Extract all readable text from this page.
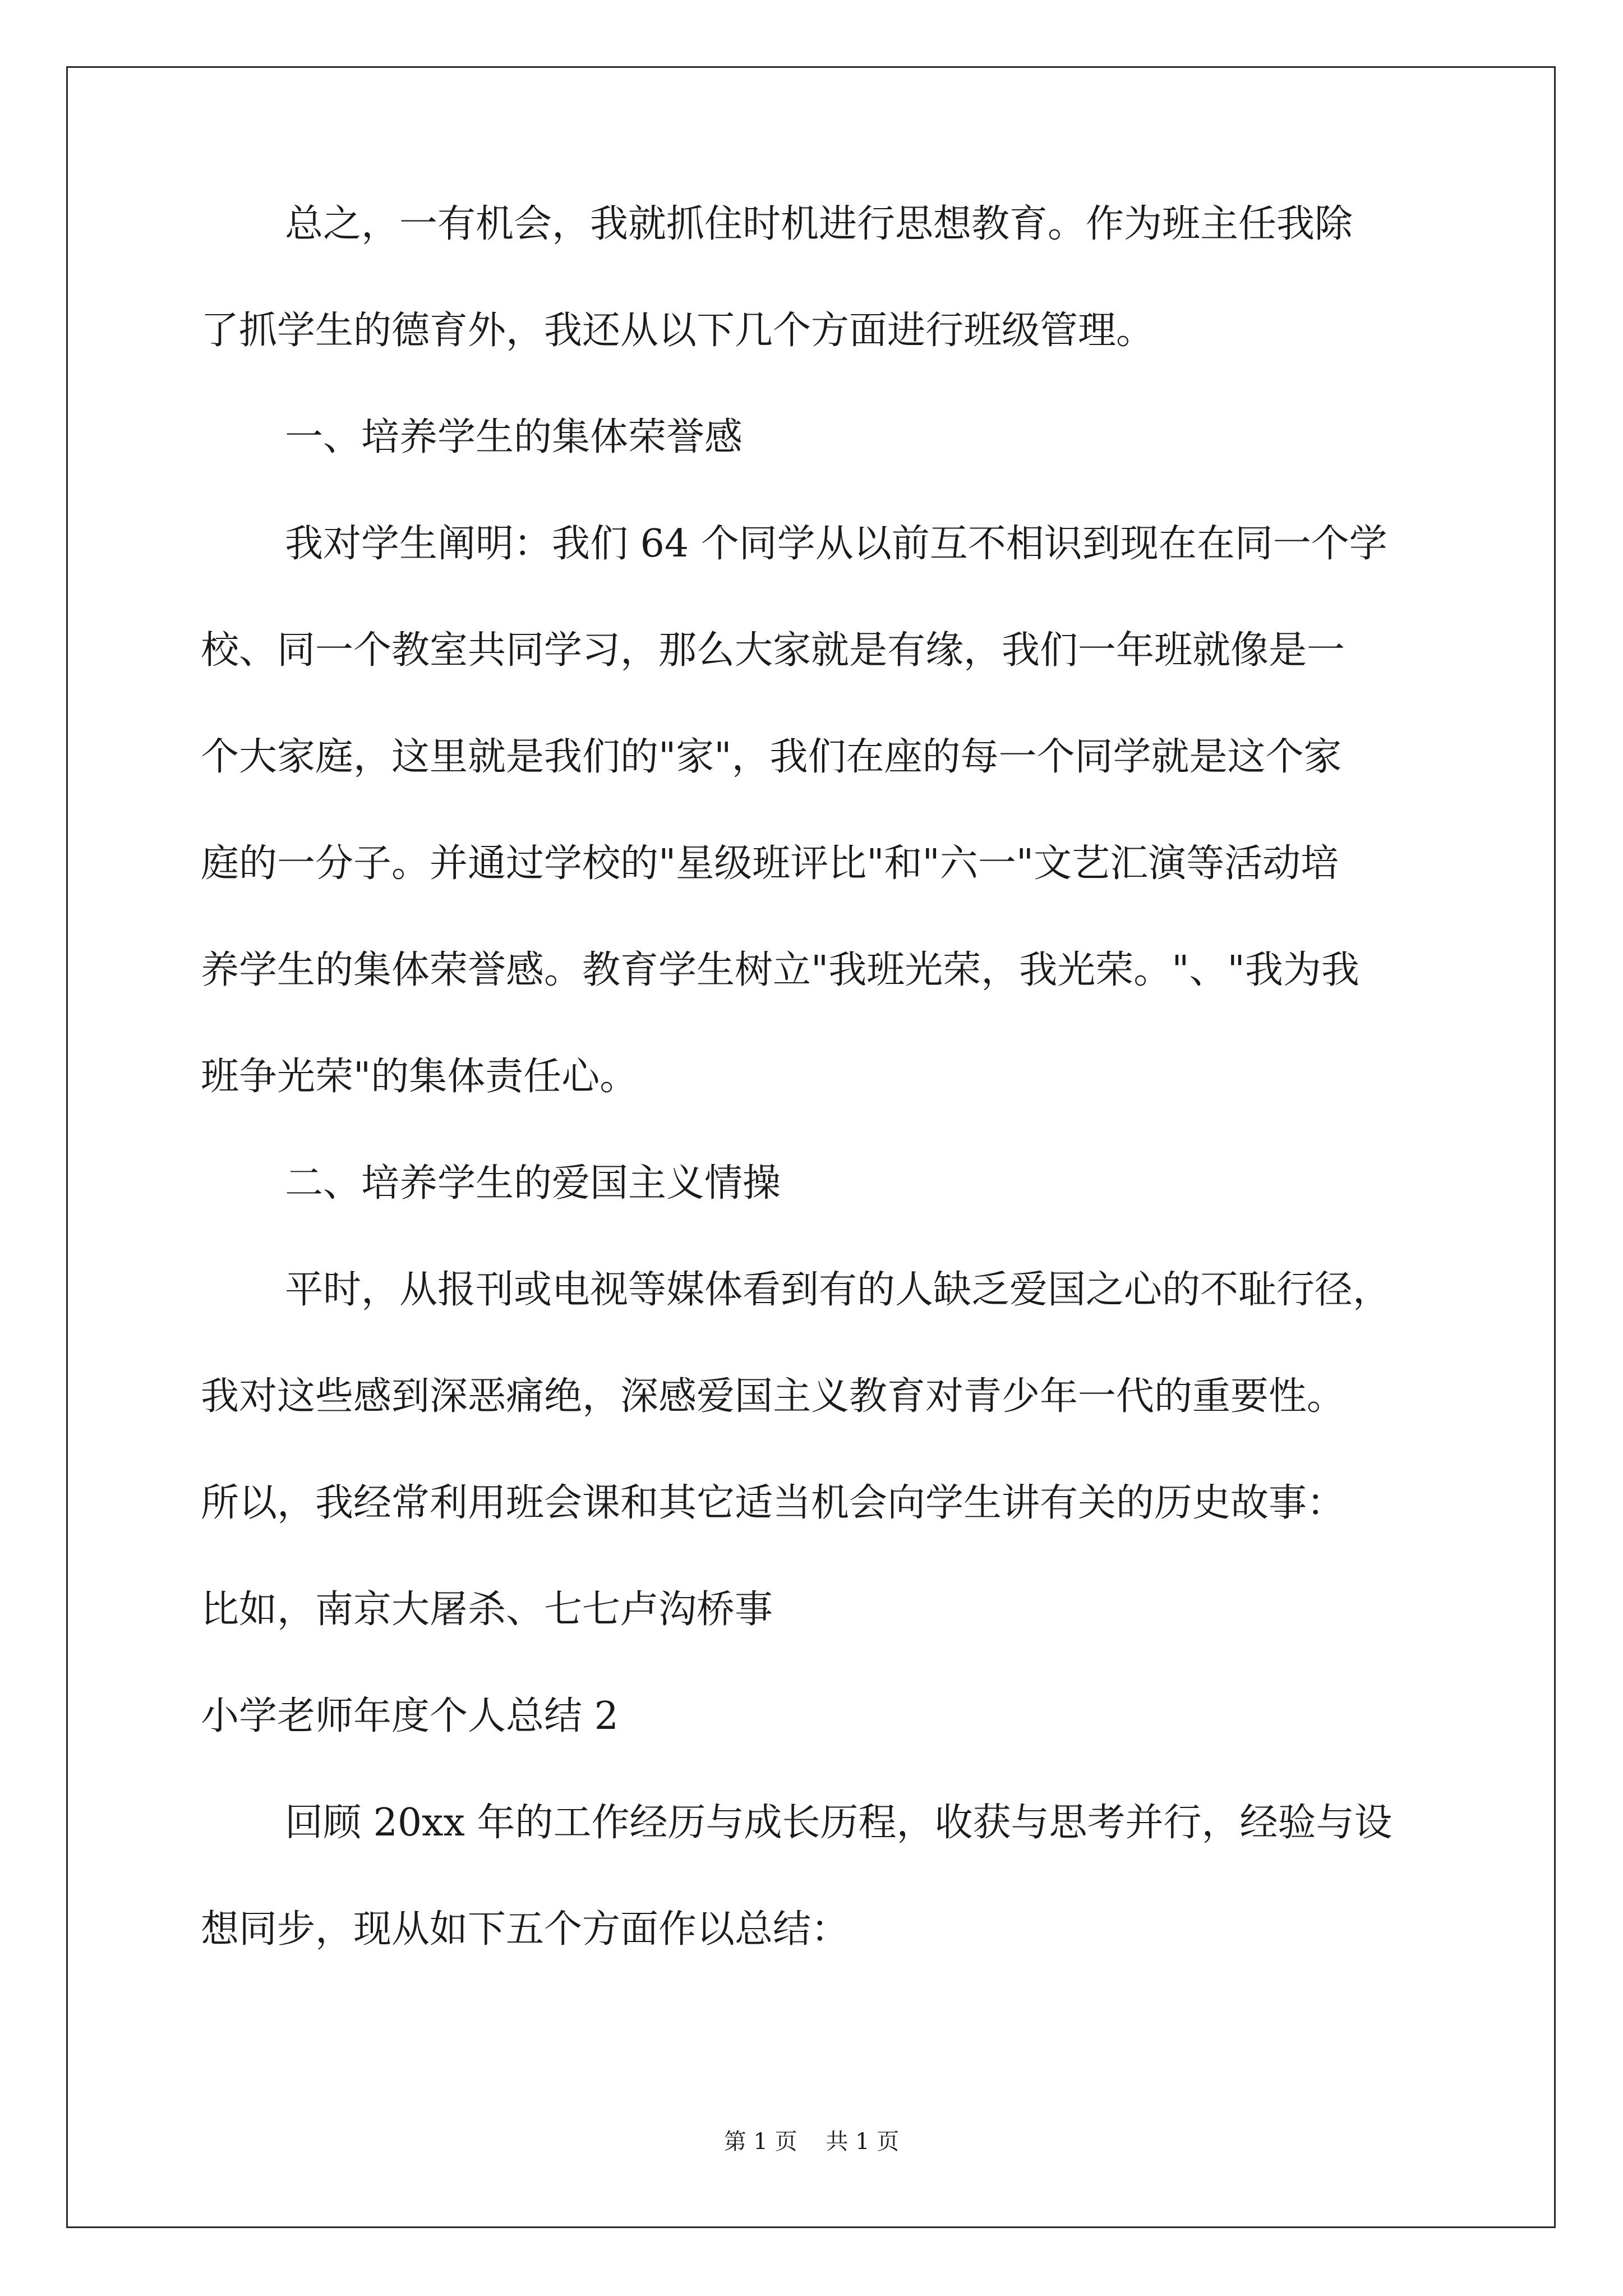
总之，一有机会，我就抓住时机进行思想教育。作为班主任我除
了抓学生的德育外，我还从以下几个方面进行班级管理。
一、培养学生的集体荣誉感
我对学生阐明：我们 64 个同学从以前互不相识到现在在同一个学
校、同一个教室共同学习，那么大家就是有缘，我们一年班就像是一
个大家庭，这里就是我们的"家"，我们在座的每一个同学就是这个家
庭的一分子。并通过学校的"星级班评比"和"六一"文艺汇演等活动培
养学生的集体荣誉感。教育学生树立"我班光荣，我光荣。"、"我为我
班争光荣"的集体责任心。
二、培养学生的爱国主义情操
平时，从报刊或电视等媒体看到有的人缺乏爱国之心的不耻行径，
我对这些感到深恶痛绝，深感爱国主义教育对青少年一代的重要性。
所以，我经常利用班会课和其它适当机会向学生讲有关的历史故事：
比如，南京大屠杀、七七卢沟桥事
小学老师年度个人总结 2
回顾 20xx 年的工作经历与成长历程，收获与思考并行，经验与设
想同步，现从如下五个方面作以总结：
第 1 页    共 1 页
